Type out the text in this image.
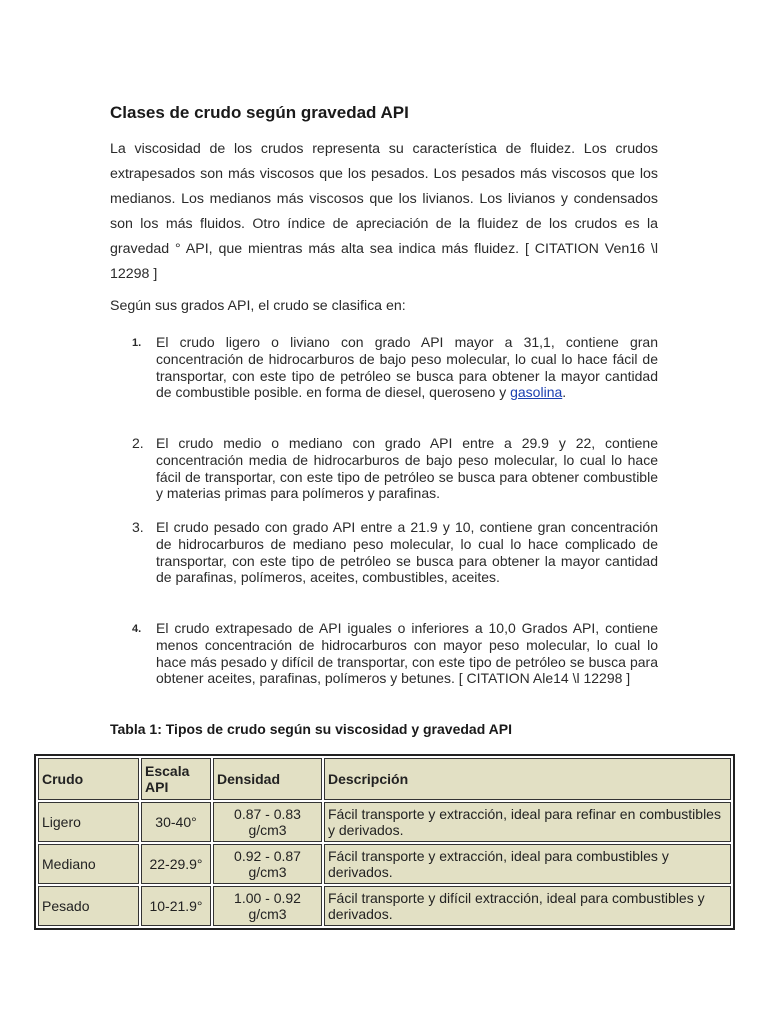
Clases de crudo según gravedad API

La viscosidad de los crudos representa su característica de fluidez. Los crudos extrapesados son más viscosos que los pesados. Los pesados más viscosos que los medianos. Los medianos más viscosos que los livianos. Los livianos y condensados son los más fluidos. Otro índice de apreciación de la fluidez de los crudos es la gravedad ° API, que mientras más alta sea indica más fluidez. [ CITATION Ven16 \l 12298 ]

Según sus grados API, el crudo se clasifica en:

1.	El crudo ligero o liviano con grado API mayor a 31,1, contiene gran concentración de hidrocarburos de bajo peso molecular, lo cual lo hace fácil de transportar, con este tipo de petróleo se busca para obtener la mayor cantidad de combustible posible. en forma de diesel, queroseno y gasolina.
2. El crudo medio o mediano con grado API entre a 29.9 y 22, contiene concentración media de hidrocarburos de bajo peso molecular, lo cual lo hace fácil de transportar, con este tipo de petróleo se busca para obtener combustible y materias primas para polímeros y parafinas.
3. El crudo pesado con grado API entre a 21.9 y 10, contiene gran concentración de hidrocarburos de mediano peso molecular, lo cual lo hace complicado de transportar, con este tipo de petróleo se busca para obtener la mayor cantidad de parafinas, polímeros, aceites, combustibles, aceites.
4.	El crudo extrapesado de API iguales o inferiores a 10,0 Grados API, contiene menos concentración de hidrocarburos con mayor peso molecular, lo cual lo hace más pesado y difícil de transportar, con este tipo de petróleo se busca para obtener aceites, parafinas, polímeros y betunes. [ CITATION Ale14 \l 12298 ]

Tabla 1: Tipos de crudo según su viscosidad y gravedad API

Crudo	Escala API	Densidad	Descripción
Ligero	30-40°	0.87 - 0.83 g/cm3	Fácil transporte y extracción, ideal para refinar en combustibles y derivados.
Mediano	22-29.9°	0.92 - 0.87 g/cm3	Fácil transporte y extracción, ideal para combustibles y derivados.
Pesado	10-21.9°	1.00 - 0.92 g/cm3	Fácil transporte y difícil extracción, ideal para combustibles y derivados.
